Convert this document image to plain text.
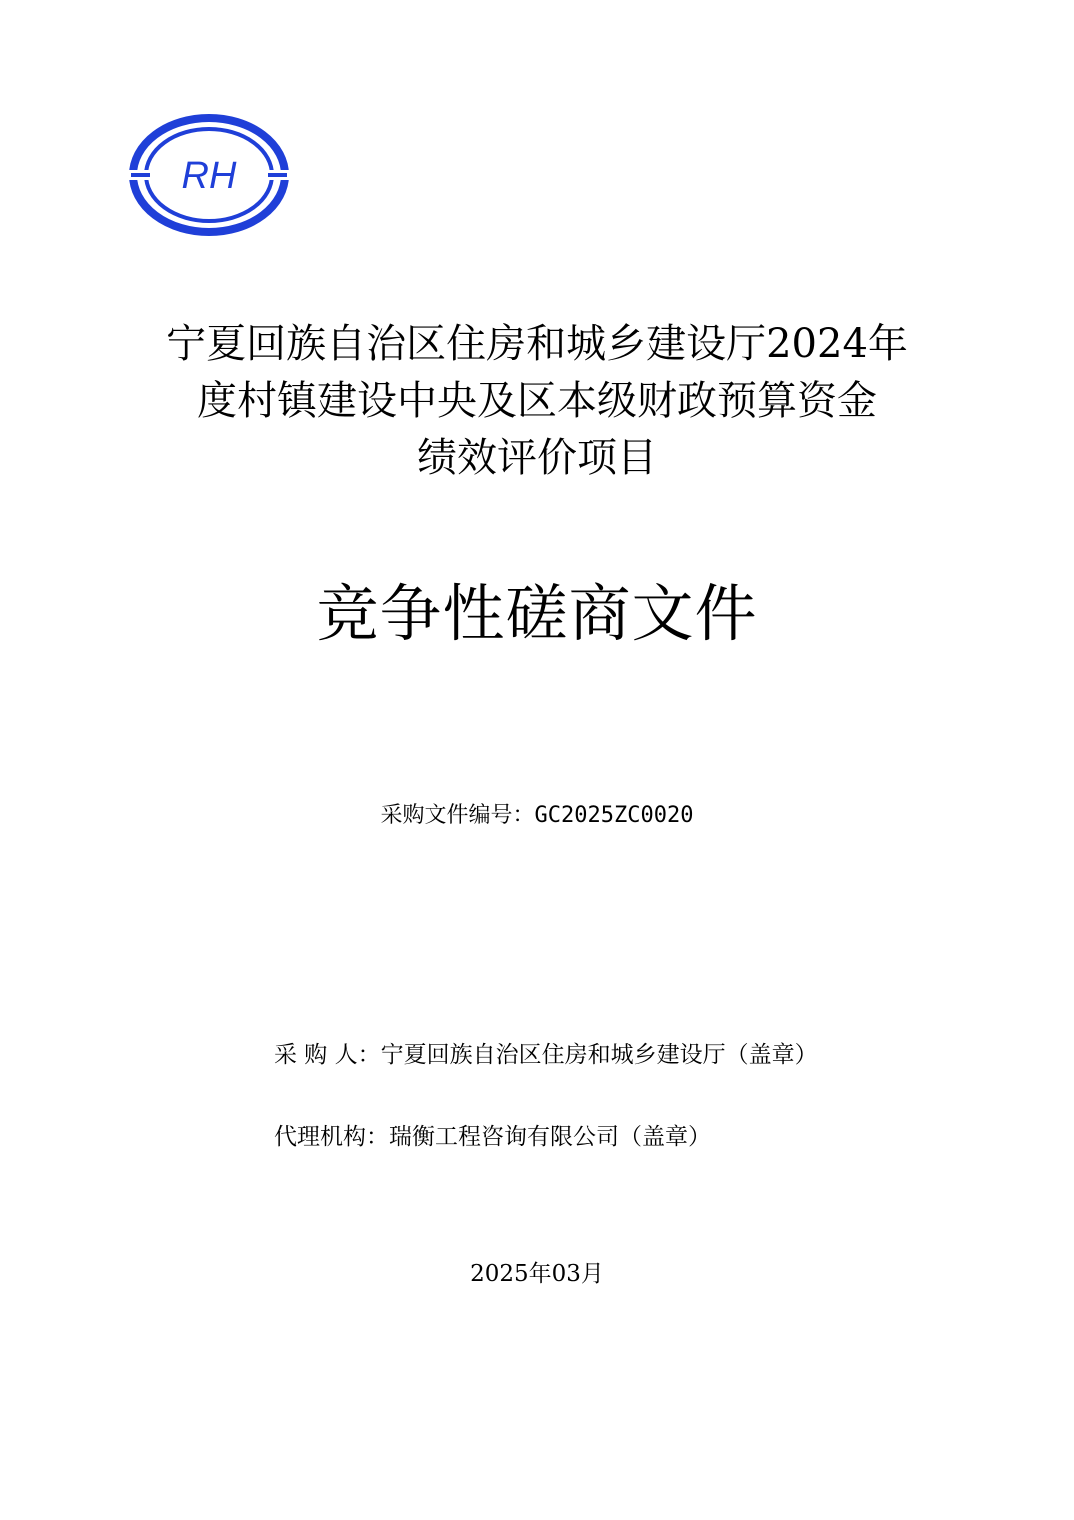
RH
宁夏回族自治区住房和城乡建设厅2024年
度村镇建设中央及区本级财政预算资金
绩效评价项目
竞争性磋商文件
采购文件编号：GC2025ZC0020
采 购 人：宁夏回族自治区住房和城乡建设厅（盖章）
代理机构：瑞衡工程咨询有限公司（盖章）
2025年03月
